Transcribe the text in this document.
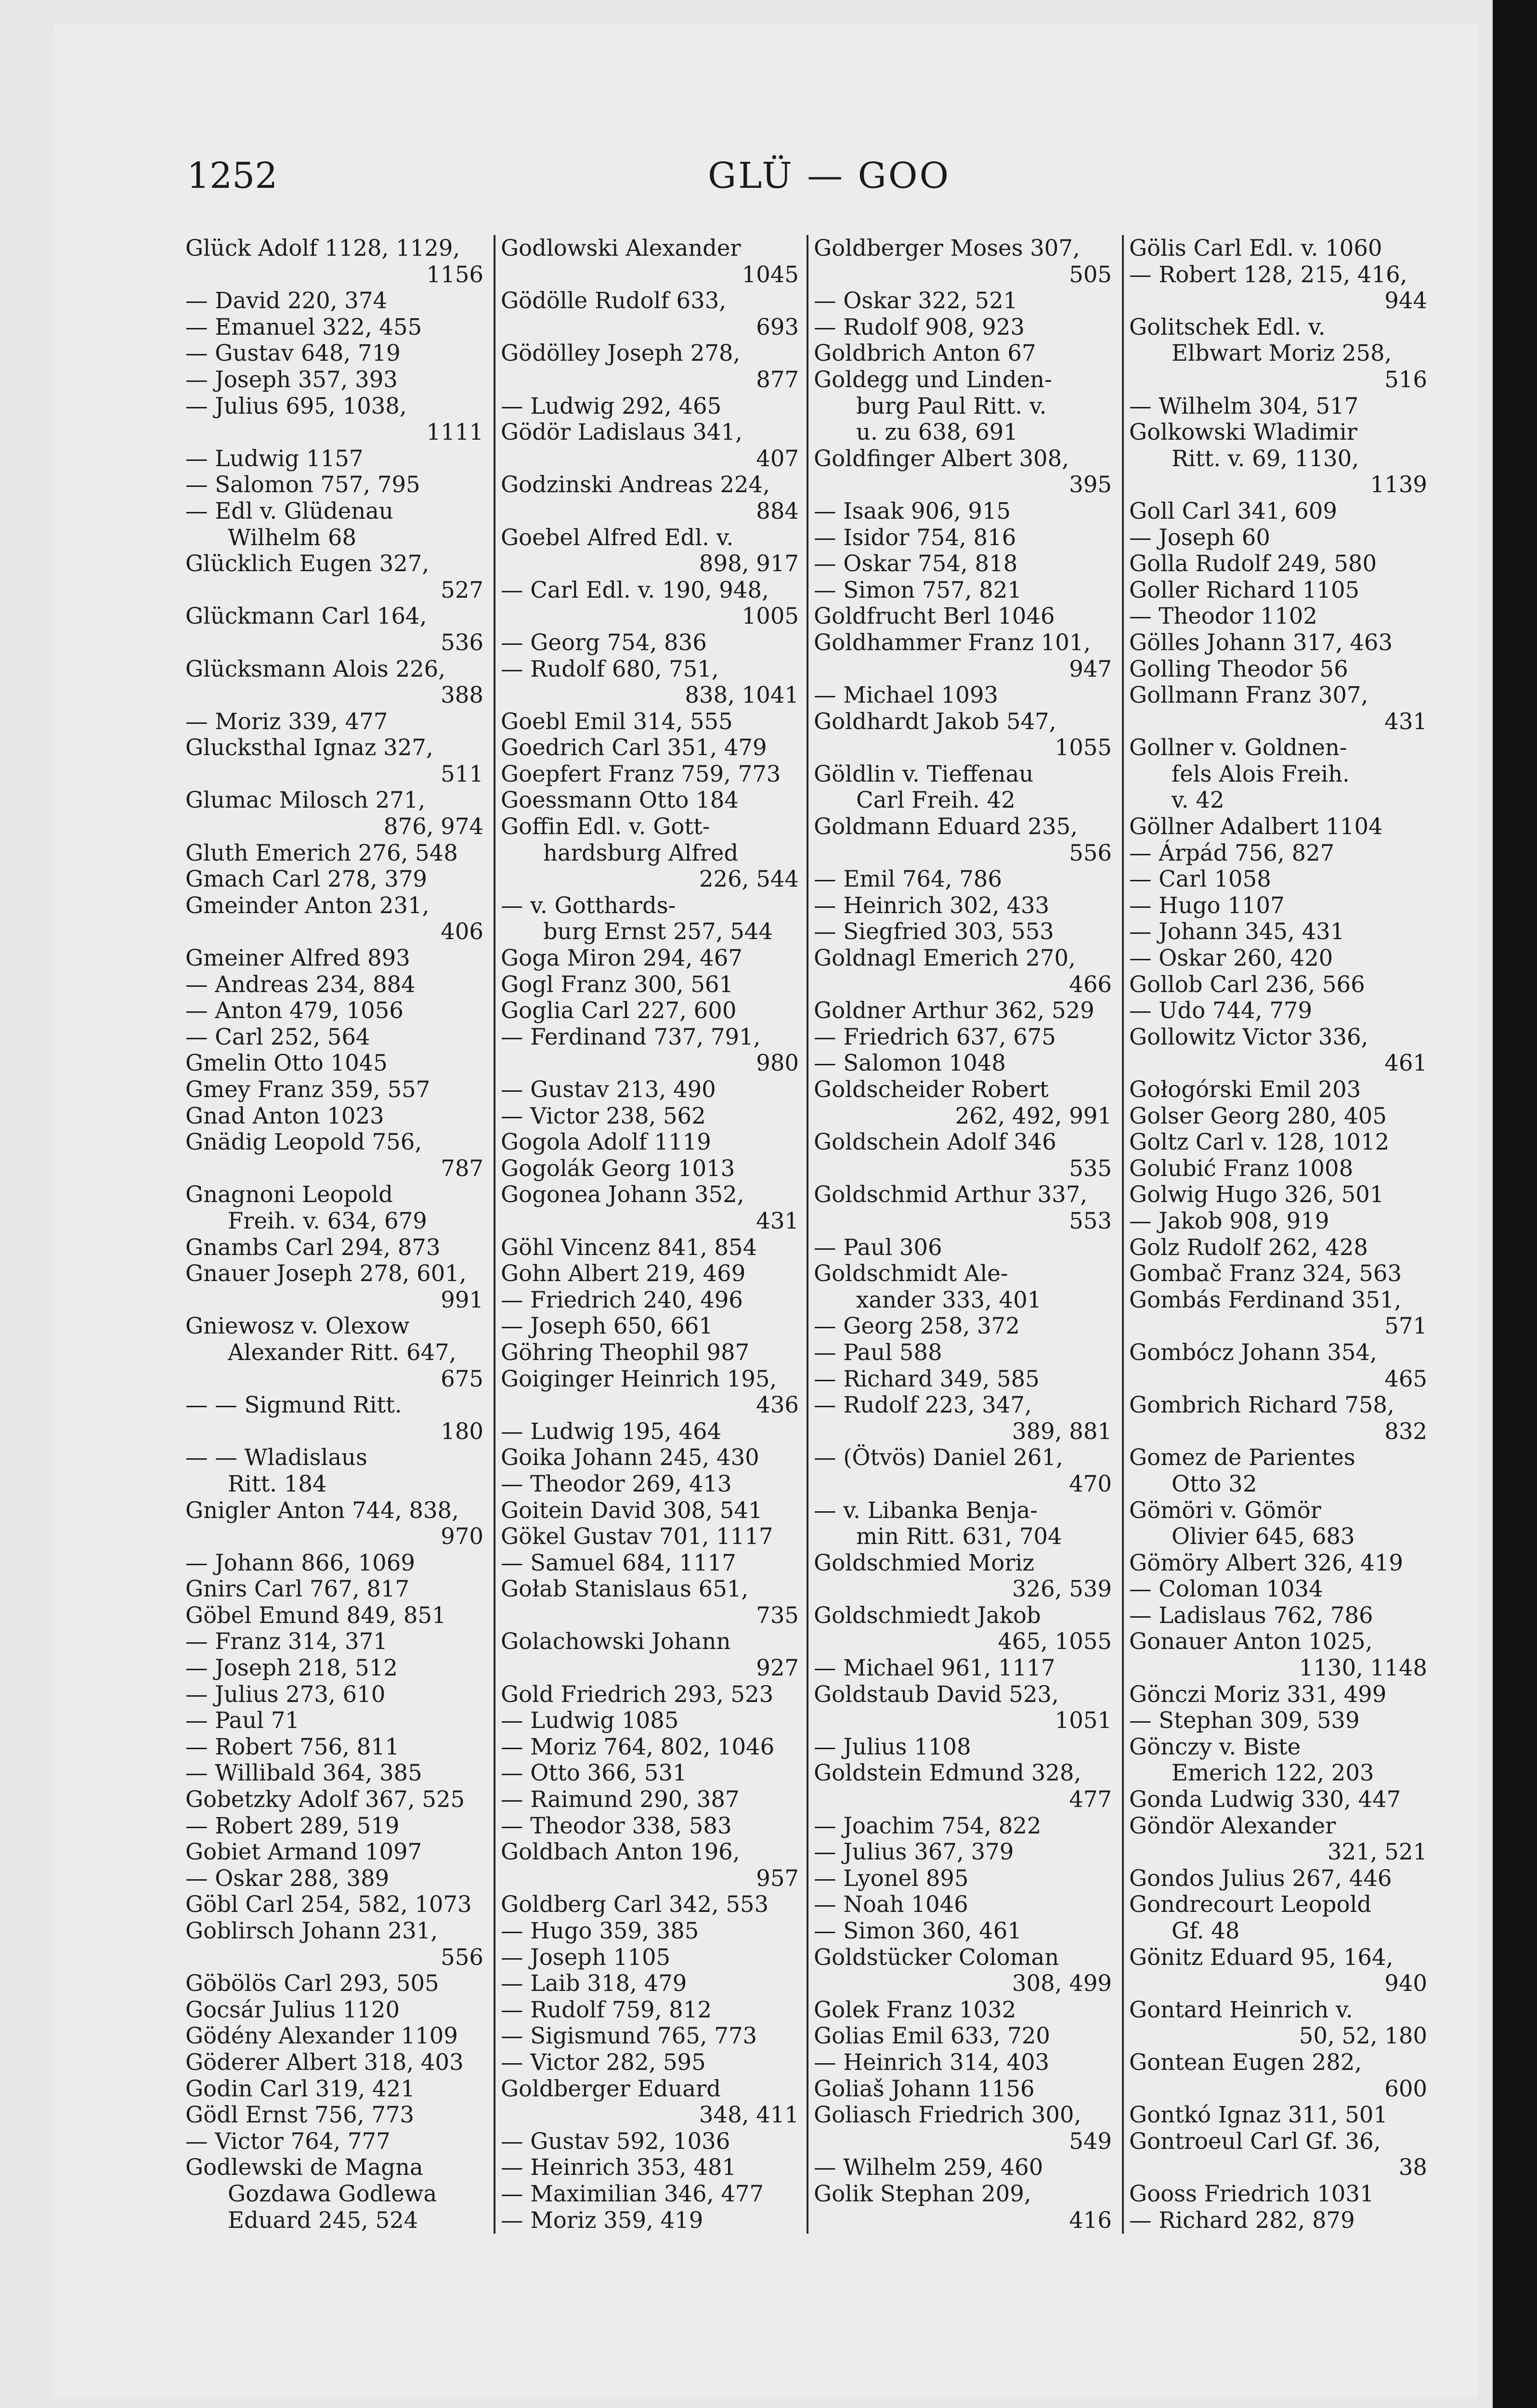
1252	GLÜ — GOO
Glück Adolf 1128, 1129,
1156
— David 220, 374
— Emanuel 322, 455
— Gustav 648, 719
— Joseph 357, 393
— Julius 695, 1038,
1111
— Ludwig 1157
— Salomon 757, 795
— Edl v. Glüdenau
Wilhelm 68
Glücklich Eugen 327,
527
Glückmann Carl 164,
536
Glücksmann Alois 226,
388
— Moriz 339, 477
Glucksthal Ignaz 327,
511
Glumac Milosch 271,
876, 974
Gluth Emerich 276, 548
Gmach Carl 278, 379
Gmeinder Anton 231,
406
Gmeiner Alfred 893
— Andreas 234, 884
— Anton 479, 1056
— Carl 252, 564
Gmelin Otto 1045
Gmey Franz 359, 557
Gnad Anton 1023
Gnädig Leopold 756,
787
Gnagnoni Leopold
Freih. v. 634, 679
Gnambs Carl 294, 873
Gnauer Joseph 278, 601,
991
Gniewosz v. Olexow
Alexander Ritt. 647,
675
— — Sigmund Ritt.
180
— — Wladislaus
Ritt. 184
Gnigler Anton 744, 838,
970
— Johann 866, 1069
Gnirs Carl 767, 817
Göbel Emund 849, 851
— Franz 314, 371
— Joseph 218, 512
— Julius 273, 610
— Paul 71
— Robert 756, 811
— Willibald 364, 385
Gobetzky Adolf 367, 525
— Robert 289, 519
Gobiet Armand 1097
— Oskar 288, 389
Göbl Carl 254, 582, 1073
Goblirsch Johann 231,
556
Göbölös Carl 293, 505
Gocsár Julius 1120
Gödény Alexander 1109
Göderer Albert 318, 403
Godin Carl 319, 421
Gödl Ernst 756, 773
— Victor 764, 777
Godlewski de Magna
Gozdawa Godlewa
Eduard 245, 524
Godlowski Alexander
1045
Gödölle Rudolf 633,
693
Gödölley Joseph 278,
877
— Ludwig 292, 465
Gödör Ladislaus 341,
407
Godzinski Andreas 224,
884
Goebel Alfred Edl. v.
898, 917
— Carl Edl. v. 190, 948,
1005
— Georg 754, 836
— Rudolf 680, 751,
838, 1041
Goebl Emil 314, 555
Goedrich Carl 351, 479
Goepfert Franz 759, 773
Goessmann Otto 184
Goffin Edl. v. Gott-
hardsburg Alfred
226, 544
— v. Gotthards-
burg Ernst 257, 544
Goga Miron 294, 467
Gogl Franz 300, 561
Goglia Carl 227, 600
— Ferdinand 737, 791,
980
— Gustav 213, 490
— Victor 238, 562
Gogola Adolf 1119
Gogolák Georg 1013
Gogonea Johann 352,
431
Göhl Vincenz 841, 854
Gohn Albert 219, 469
— Friedrich 240, 496
— Joseph 650, 661
Göhring Theophil 987
Goiginger Heinrich 195,
436
— Ludwig 195, 464
Goika Johann 245, 430
— Theodor 269, 413
Goitein David 308, 541
Gökel Gustav 701, 1117
— Samuel 684, 1117
Gołab Stanislaus 651,
735
Golachowski Johann
927
Gold Friedrich 293, 523
— Ludwig 1085
— Moriz 764, 802, 1046
— Otto 366, 531
— Raimund 290, 387
— Theodor 338, 583
Goldbach Anton 196,
957
Goldberg Carl 342, 553
— Hugo 359, 385
— Joseph 1105
— Laib 318, 479
— Rudolf 759, 812
— Sigismund 765, 773
— Victor 282, 595
Goldberger Eduard
348, 411
— Gustav 592, 1036
— Heinrich 353, 481
— Maximilian 346, 477
— Moriz 359, 419
Goldberger Moses 307,
505
— Oskar 322, 521
— Rudolf 908, 923
Goldbrich Anton 67
Goldegg und Linden-
burg Paul Ritt. v.
u. zu 638, 691
Goldfinger Albert 308,
395
— Isaak 906, 915
— Isidor 754, 816
— Oskar 754, 818
— Simon 757, 821
Goldfrucht Berl 1046
Goldhammer Franz 101,
947
— Michael 1093
Goldhardt Jakob 547,
1055
Göldlin v. Tieffenau
Carl Freih. 42
Goldmann Eduard 235,
556
— Emil 764, 786
— Heinrich 302, 433
— Siegfried 303, 553
Goldnagl Emerich 270,
466
Goldner Arthur 362, 529
— Friedrich 637, 675
— Salomon 1048
Goldscheider Robert
262, 492, 991
Goldschein Adolf 346
535
Goldschmid Arthur 337,
553
— Paul 306
Goldschmidt Ale-
xander 333, 401
— Georg 258, 372
— Paul 588
— Richard 349, 585
— Rudolf 223, 347,
389, 881
— (Ötvös) Daniel 261,
470
— v. Libanka Benja-
min Ritt. 631, 704
Goldschmied Moriz
326, 539
Goldschmiedt Jakob
465, 1055
— Michael 961, 1117
Goldstaub David 523,
1051
— Julius 1108
Goldstein Edmund 328,
477
— Joachim 754, 822
— Julius 367, 379
— Lyonel 895
— Noah 1046
— Simon 360, 461
Goldstücker Coloman
308, 499
Golek Franz 1032
Golias Emil 633, 720
— Heinrich 314, 403
Goliaš Johann 1156
Goliasch Friedrich 300,
549
— Wilhelm 259, 460
Golik Stephan 209,
416
Gölis Carl Edl. v. 1060
— Robert 128, 215, 416,
944
Golitschek Edl. v.
Elbwart Moriz 258,
516
— Wilhelm 304, 517
Golkowski Wladimir
Ritt. v. 69, 1130,
1139
Goll Carl 341, 609
— Joseph 60
Golla Rudolf 249, 580
Goller Richard 1105
— Theodor 1102
Gölles Johann 317, 463
Golling Theodor 56
Gollmann Franz 307,
431
Gollner v. Goldnen-
fels Alois Freih.
v. 42
Göllner Adalbert 1104
— Árpád 756, 827
— Carl 1058
— Hugo 1107
— Johann 345, 431
— Oskar 260, 420
Gollob Carl 236, 566
— Udo 744, 779
Gollowitz Victor 336,
461
Gołogórski Emil 203
Golser Georg 280, 405
Goltz Carl v. 128, 1012
Golubić Franz 1008
Golwig Hugo 326, 501
— Jakob 908, 919
Golz Rudolf 262, 428
Gombač Franz 324, 563
Gombás Ferdinand 351,
571
Gombócz Johann 354,
465
Gombrich Richard 758,
832
Gomez de Parientes
Otto 32
Gömöri v. Gömör
Olivier 645, 683
Gömöry Albert 326, 419
— Coloman 1034
— Ladislaus 762, 786
Gonauer Anton 1025,
1130, 1148
Gönczi Moriz 331, 499
— Stephan 309, 539
Gönczy v. Biste
Emerich 122, 203
Gonda Ludwig 330, 447
Göndör Alexander
321, 521
Gondos Julius 267, 446
Gondrecourt Leopold
Gf. 48
Gönitz Eduard 95, 164,
940
Gontard Heinrich v.
50, 52, 180
Gontean Eugen 282,
600
Gontkó Ignaz 311, 501
Gontroeul Carl Gf. 36,
38
Gooss Friedrich 1031
— Richard 282, 879
